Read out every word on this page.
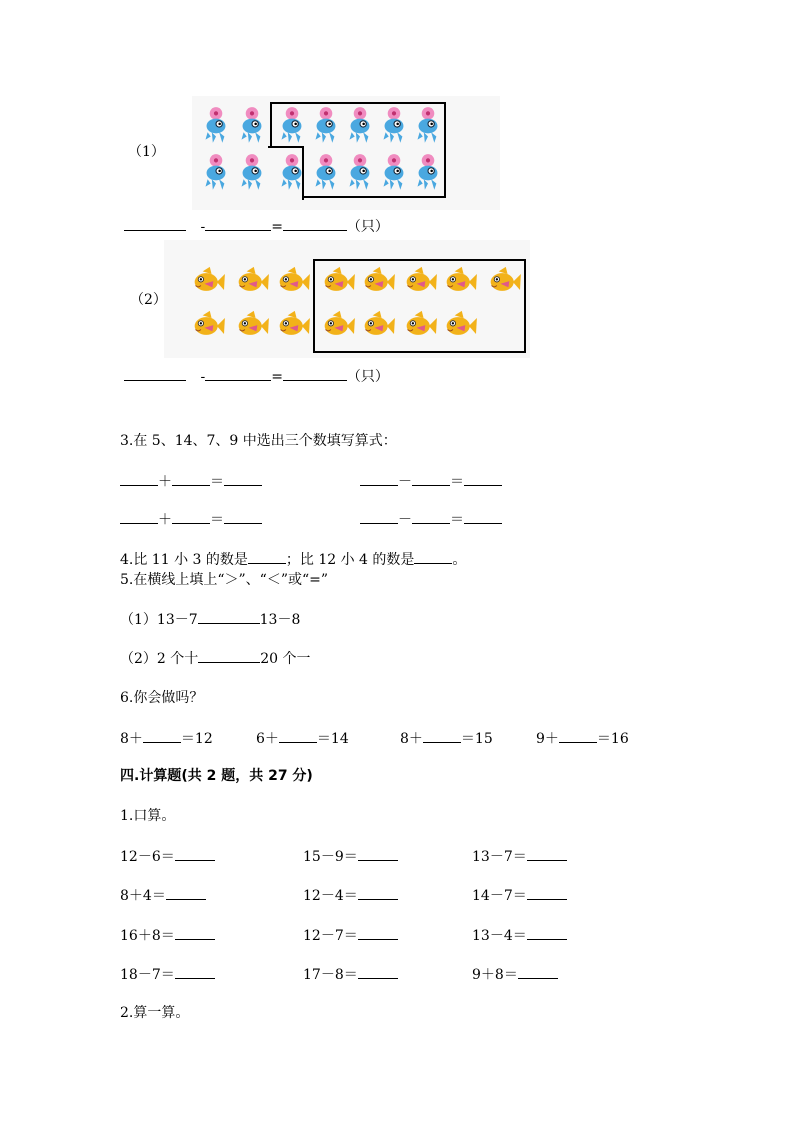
（1）
-	=	（只）
（2）
-	=	（只）
3.在 5、14、7、9 中选出三个数填写算式：
＋	＝	－	＝
＋	＝	－	＝
4.比 11 小 3 的数是	；比 12 小 4 的数是	。
5.在横线上填上“＞”、“＜”或“=”
（1）13－7	13－8
（2）2 个十	20 个一
6.你会做吗？
8＋	＝12	6＋	＝14	8＋	＝15	9＋	＝16
四.计算题(共 2 题，共 27 分)
1.口算。
12－6＝	15－9＝	13－7＝
8＋4＝	12－4＝	14－7＝
16＋8＝	12－7＝	13－4＝
18－7＝	17－8＝	9＋8＝
2.算一算。
